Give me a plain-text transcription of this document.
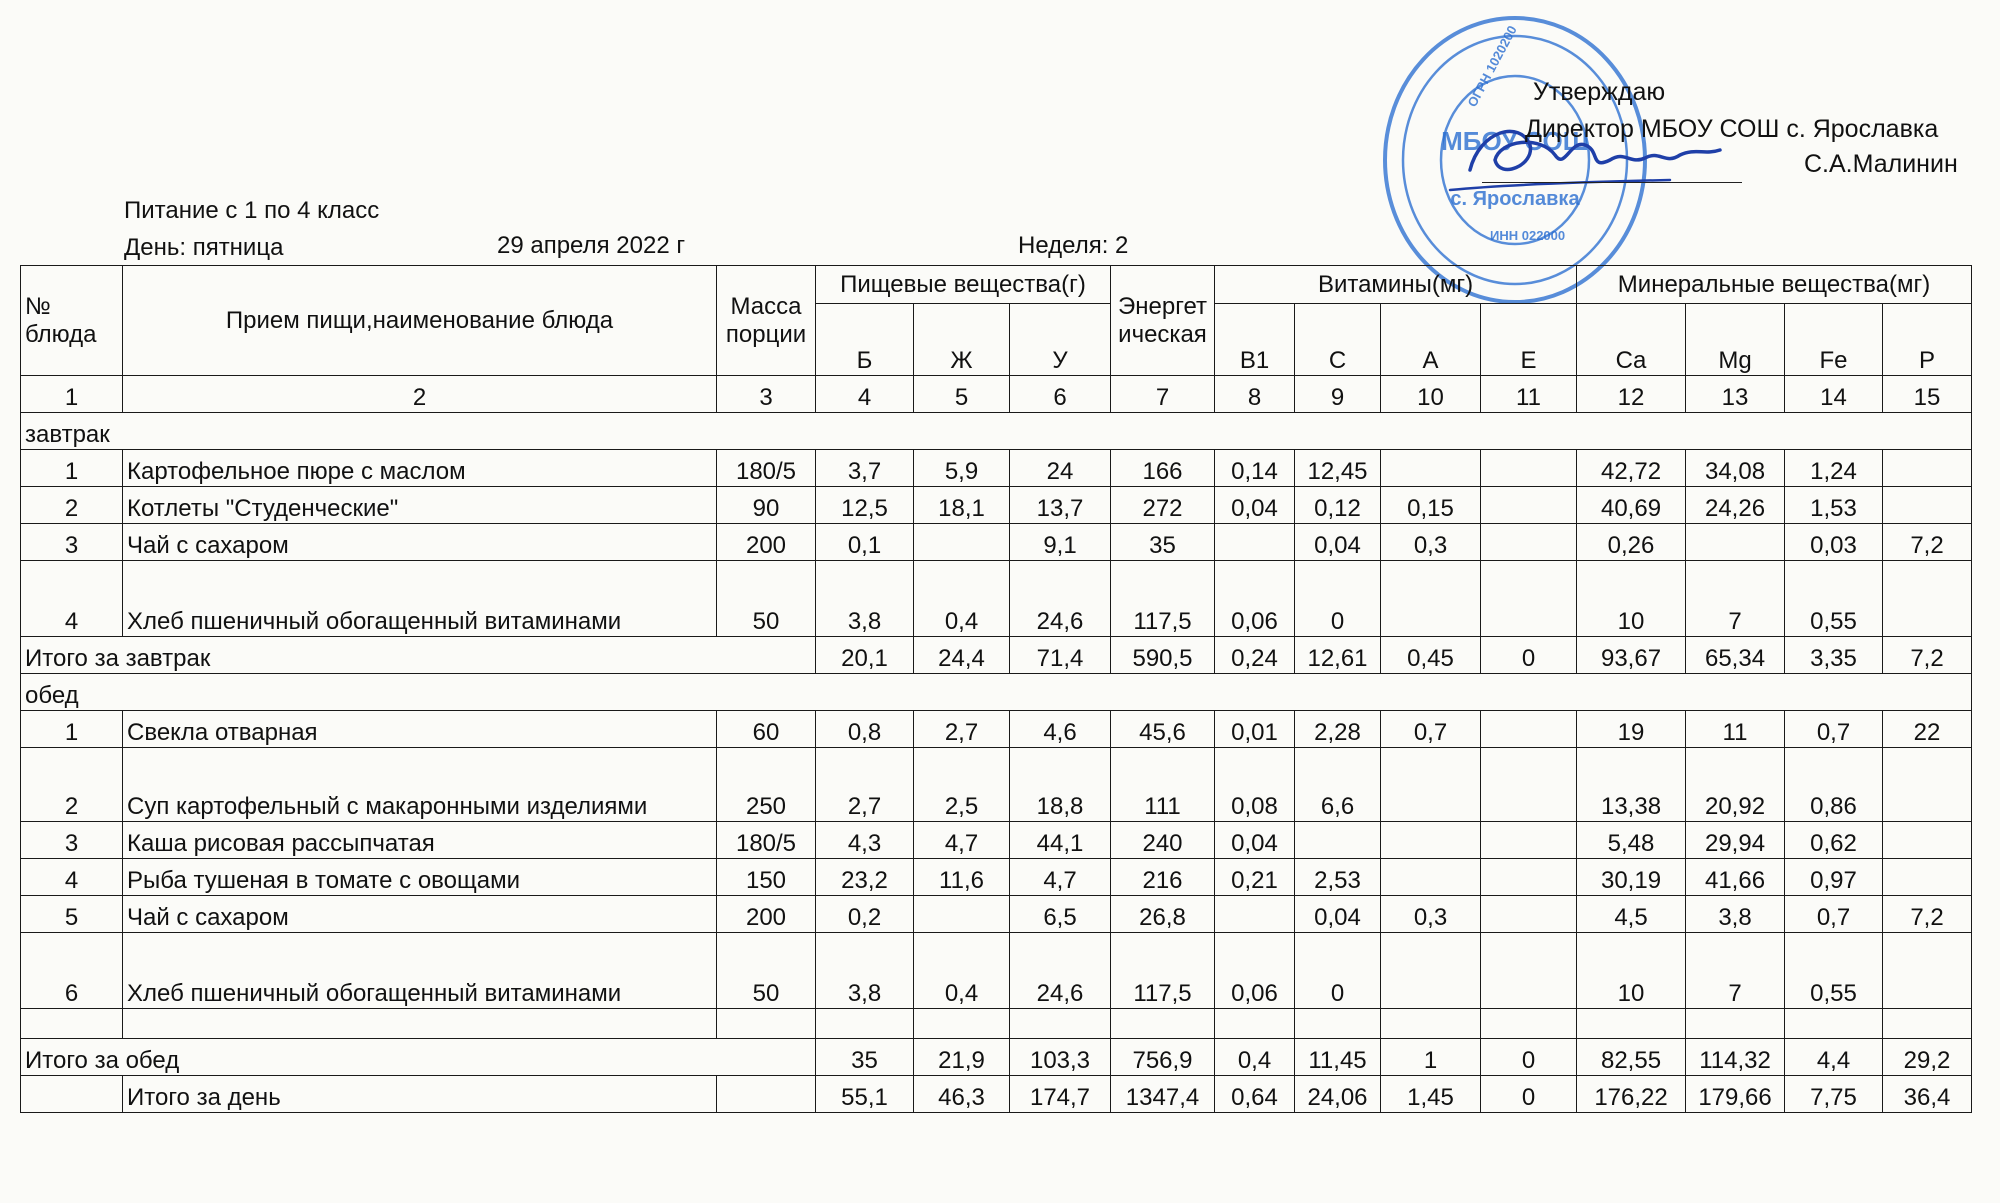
МБОУ СОШ
с. Ярославка
ОГРН 1020200
ИНН 022000
Утверждаю
Директор МБОУ СОШ с. Ярославка
С.А.Малинин
Питание с 1 по 4 класс
День: пятница	29 апреля 2022 г	Неделя: 2
№ блюда	Прием пищи,наименование блюда	Масса порции	Пищевые вещества(г)			Энергетическая	Витамины(мг)				Минеральные вещества(мг)			
			Б	Ж	У		В1	С	А	Е	Ca	Mg	Fe	P
1	2	3	4	5	6	7	8	9	10	11	12	13	14	15
завтрак														
1	Картофельное пюре с маслом	180/5	3,7	5,9	24	166	0,14	12,45			42,72	34,08	1,24	
2	Котлеты "Студенческие"	90	12,5	18,1	13,7	272	0,04	0,12	0,15		40,69	24,26	1,53	
3	Чай с сахаром	200	0,1		9,1	35		0,04	0,3		0,26		0,03	7,2
4	Хлеб пшеничный обогащенный витаминами	50	3,8	0,4	24,6	117,5	0,06	0			10	7	0,55	
Итого за завтрак			20,1	24,4	71,4	590,5	0,24	12,61	0,45	0	93,67	65,34	3,35	7,2
обед														
1	Свекла отварная	60	0,8	2,7	4,6	45,6	0,01	2,28	0,7		19	11	0,7	22
2	Суп картофельный с макаронными изделиями	250	2,7	2,5	18,8	111	0,08	6,6			13,38	20,92	0,86	
3	Каша рисовая рассыпчатая	180/5	4,3	4,7	44,1	240	0,04				5,48	29,94	0,62	
4	Рыба тушеная в томате с овощами	150	23,2	11,6	4,7	216	0,21	2,53			30,19	41,66	0,97	
5	Чай с сахаром	200	0,2		6,5	26,8		0,04	0,3		4,5	3,8	0,7	7,2
6	Хлеб пшеничный обогащенный витаминами	50	3,8	0,4	24,6	117,5	0,06	0			10	7	0,55	

Итого за обед			35	21,9	103,3	756,9	0,4	11,45	1	0	82,55	114,32	4,4	29,2
	Итого за день		55,1	46,3	174,7	1347,4	0,64	24,06	1,45	0	176,22	179,66	7,75	36,4
